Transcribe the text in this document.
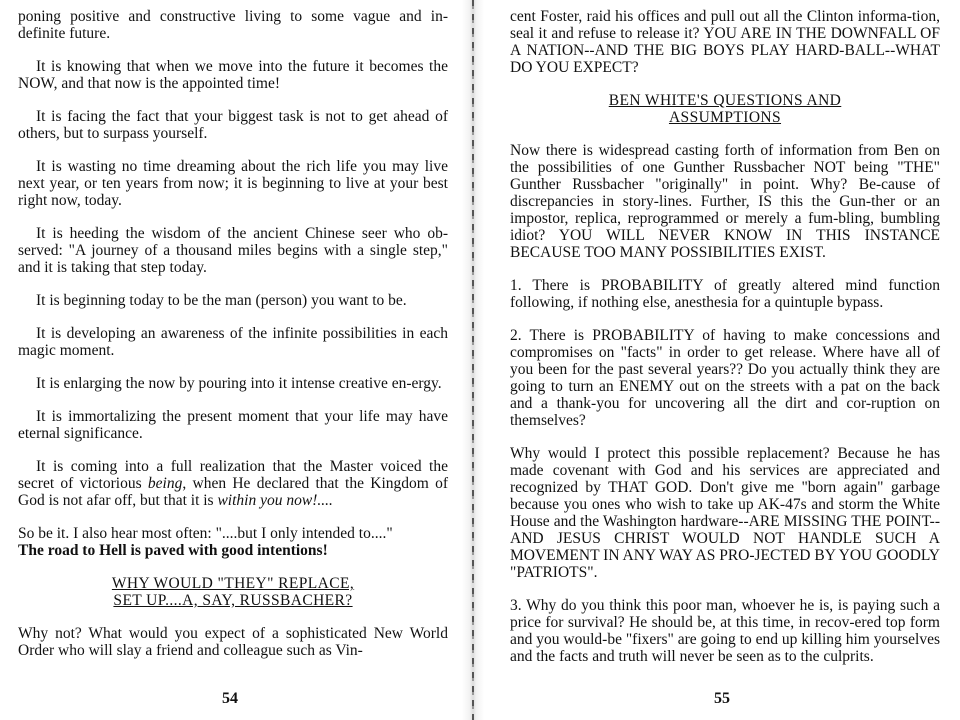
poning positive and constructive living to some vague and in-definite future.

It is knowing that when we move into the future it becomes the NOW, and that now is the appointed time!

It is facing the fact that your biggest task is not to get ahead of others, but to surpass yourself.

It is wasting no time dreaming about the rich life you may live next year, or ten years from now; it is beginning to live at your best right now, today.

It is heeding the wisdom of the ancient Chinese seer who ob-served: "A journey of a thousand miles begins with a single step," and it is taking that step today.

It is beginning today to be the man (person) you want to be.

It is developing an awareness of the infinite possibilities in each magic moment.

It is enlarging the now by pouring into it intense creative en-ergy.

It is immortalizing the present moment that your life may have eternal significance.

It is coming into a full realization that the Master voiced the secret of victorious being, when He declared that the Kingdom of God is not afar off, but that it is within you now!....

So be it. I also hear most often: "....but I only intended to...."
The road to Hell is paved with good intentions!

WHY WOULD "THEY" REPLACE,
SET UP....A, SAY, RUSSBACHER?

Why not? What would you expect of a sophisticated New World Order who will slay a friend and colleague such as Vin-

54

cent Foster, raid his offices and pull out all the Clinton informa-tion, seal it and refuse to release it? YOU ARE IN THE DOWNFALL OF A NATION--AND THE BIG BOYS PLAY HARD-BALL--WHAT DO YOU EXPECT?

BEN WHITE'S QUESTIONS AND
ASSUMPTIONS

Now there is widespread casting forth of information from Ben on the possibilities of one Gunther Russbacher NOT being "THE" Gunther Russbacher "originally" in point. Why? Be-cause of discrepancies in story-lines. Further, IS this the Gun-ther or an impostor, replica, reprogrammed or merely a fum-bling, bumbling idiot? YOU WILL NEVER KNOW IN THIS INSTANCE BECAUSE TOO MANY POSSIBILITIES EXIST.

1. There is PROBABILITY of greatly altered mind function following, if nothing else, anesthesia for a quintuple bypass.

2. There is PROBABILITY of having to make concessions and compromises on "facts" in order to get release. Where have all of you been for the past several years?? Do you actually think they are going to turn an ENEMY out on the streets with a pat on the back and a thank-you for uncovering all the dirt and cor-ruption on themselves?

Why would I protect this possible replacement? Because he has made covenant with God and his services are appreciated and recognized by THAT GOD. Don't give me "born again" garbage because you ones who wish to take up AK-47s and storm the White House and the Washington hardware--ARE MISSING THE POINT--AND JESUS CHRIST WOULD NOT HANDLE SUCH A MOVEMENT IN ANY WAY AS PRO-JECTED BY YOU GOODLY "PATRIOTS".

3. Why do you think this poor man, whoever he is, is paying such a price for survival? He should be, at this time, in recov-ered top form and you would-be "fixers" are going to end up killing him yourselves and the facts and truth will never be seen as to the culprits.

55
